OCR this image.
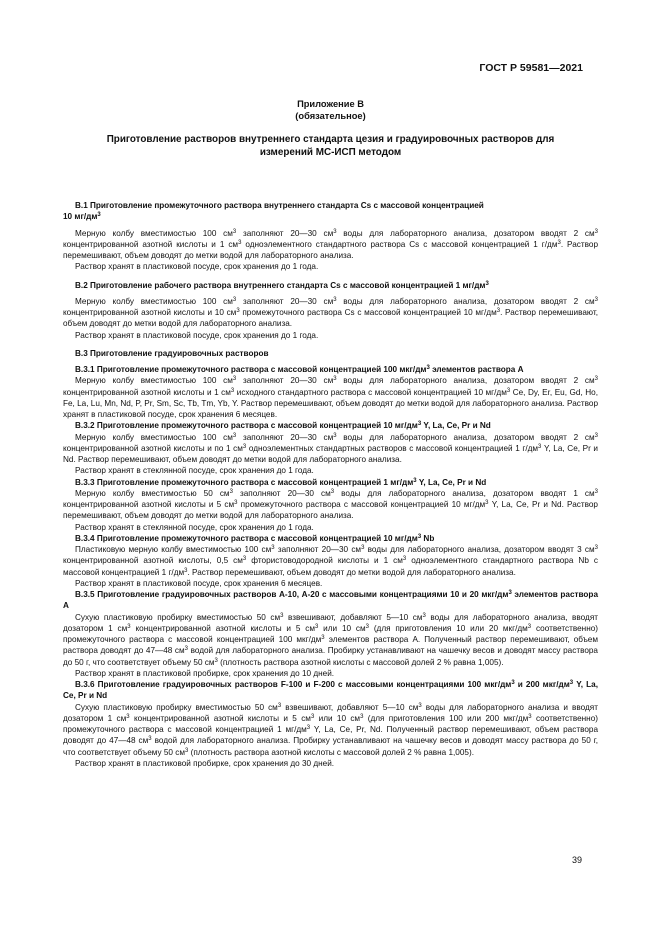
ГОСТ Р 59581—2021
Приложение В
(обязательное)
Приготовление растворов внутреннего стандарта цезия и градуировочных растворов для
измерений МС-ИСП методом

В.1 Приготовление промежуточного раствора внутреннего стандарта Cs с массовой концентрацией
10 $мг/дм^3$

Мерную колбу вместимостью 100 $см^3$ заполняют 20—30 $см^3$ воды для лабораторного анализа, дозатором вводят 2 $см^3$ концентрированной азотной кислоты и 1 $см^3$ одноэлементного стандартного раствора Cs с массовой концентрацией 1 $г/дм^3$. Раствор перемешивают, объем доводят до метки водой для лабораторного анализа.

Раствор хранят в пластиковой посуде, срок хранения до 1 года.

В.2 Приготовление рабочего раствора внутреннего стандарта Cs с массовой концентрацией 1 $мг/дм^3$

Мерную колбу вместимостью 100 $см^3$ заполняют 20—30 $см^3$ воды для лабораторного анализа, дозатором вводят 2 $см^3$ концентрированной азотной кислоты и 10 $см^3$ промежуточного раствора Cs с массовой концентрацией 10 $мг/дм^3$. Раствор перемешивают, объем доводят до метки водой для лабораторного анализа.

Раствор хранят в пластиковой посуде, срок хранения до 1 года.

В.3 Приготовление градуировочных растворов

В.3.1 Приготовление промежуточного раствора с массовой концентрацией 100 мкг/$дм^3$ элементов раствора А

Мерную колбу вместимостью 100 $см^3$ заполняют 20—30 $см^3$ воды для лабораторного анализа, дозатором вводят 2 $см^3$ концентрированной азотной кислоты и 1 $см^3$ исходного стандартного раствора с массовой концентрацией 10 $мг/дм^3$ Ce, Dy, Er, Eu, Gd, Ho, Fe, La, Lu, Mn, Nd, P, Pr, Sm, Sc, Tb, Tm, Yb, Y. Раствор перемешивают, объем доводят до метки водой для лабораторного анализа. Раствор хранят в пластиковой посуде, срок хранения 6 месяцев.

В.3.2 Приготовление промежуточного раствора с массовой концентрацией 10 $мг/дм^3$ Y, La, Ce, Pr и Nd

Мерную колбу вместимостью 100 $см^3$ заполняют 20—30 $см^3$ воды для лабораторного анализа, дозатором вводят 2 $см^3$ концентрированной азотной кислоты и по 1 $см^3$ одноэлементных стандартных растворов с массовой концентрацией 1 $г/дм^3$ Y, La, Ce, Pr и Nd. Раствор перемешивают, объем доводят до метки водой для лабораторного анализа.

Раствор хранят в стеклянной посуде, срок хранения до 1 года.

В.3.3 Приготовление промежуточного раствора с массовой концентрацией 1 $мг/дм^3$ Y, La, Ce, Pr и Nd

Мерную колбу вместимостью 50 $см^3$ заполняют 20—30 $см^3$ воды для лабораторного анализа, дозатором вводят 1 $см^3$ концентрированной азотной кислоты и 5 $см^3$ промежуточного раствора с массовой концентрацией 10 $мг/дм^3$ Y, La, Ce, Pr и Nd. Раствор перемешивают, объем доводят до метки водой для лабораторного анализа.

Раствор хранят в стеклянной посуде, срок хранения до 1 года.

В.3.4 Приготовление промежуточного раствора с массовой концентрацией 10 $мг/дм^3$ Nb

Пластиковую мерную колбу вместимостью 100 $см^3$ заполняют 20—30 $см^3$ воды для лабораторного анализа, дозатором вводят 3 $см^3$ концентрированной азотной кислоты, 0,5 $см^3$ фтористоводородной кислоты и 1 $см^3$ одноэлементного стандартного раствора Nb с массовой концентрацией 1 $г/дм^3$. Раствор перемешивают, объем доводят до метки водой для лабораторного анализа.

Раствор хранят в пластиковой посуде, срок хранения 6 месяцев.

В.3.5 Приготовление градуировочных растворов А-10, А-20 с массовыми концентрациями 10 и 20 мкг/$дм^3$ элементов раствора А

Сухую пластиковую пробирку вместимостью 50 $см^3$ взвешивают, добавляют 5—10 $см^3$ воды для лабораторного анализа, вводят дозатором 1 $см^3$ концентрированной азотной кислоты и 5 $см^3$ или 10 $см^3$ (для приготовления 10 или 20 мкг/$дм^3$ соответственно) промежуточного раствора с массовой концентрацией 100 мкг/$дм^3$ элементов раствора А. Полученный раствор перемешивают, объем раствора доводят до 47—48 $см^3$ водой для лабораторного анализа. Пробирку устанавливают на чашечку весов и доводят массу раствора до 50 г, что соответствует объему 50 $см^3$ (плотность раствора азотной кислоты с массовой долей 2 % равна 1,005).

Раствор хранят в пластиковой пробирке, срок хранения до 10 дней.

В.3.6 Приготовление градуировочных растворов F-100 и F-200 с массовыми концентрациями 100 мкг/$дм^3$ и 200 мкг/$дм^3$ Y, La, Ce, Pr и Nd

Сухую пластиковую пробирку вместимостью 50 $см^3$ взвешивают, добавляют 5—10 $см^3$ воды для лабораторного анализа и вводят дозатором 1 $см^3$ концентрированной азотной кислоты и 5 $см^3$ или 10 $см^3$ (для приготовления 100 или 200 мкг/$дм^3$ соответственно) промежуточного раствора с массовой концентрацией 1 $мг/дм^3$ Y, La, Ce, Pr, Nd. Полученный раствор перемешивают, объем раствора доводят до 47—48 $см^3$ водой для лабораторного анализа. Пробирку устанавливают на чашечку весов и доводят массу раствора до 50 г, что соответствует объему 50 $см^3$ (плотность раствора азотной кислоты с массовой долей 2 % равна 1,005).

Раствор хранят в пластиковой пробирке, срок хранения до 30 дней.

39
